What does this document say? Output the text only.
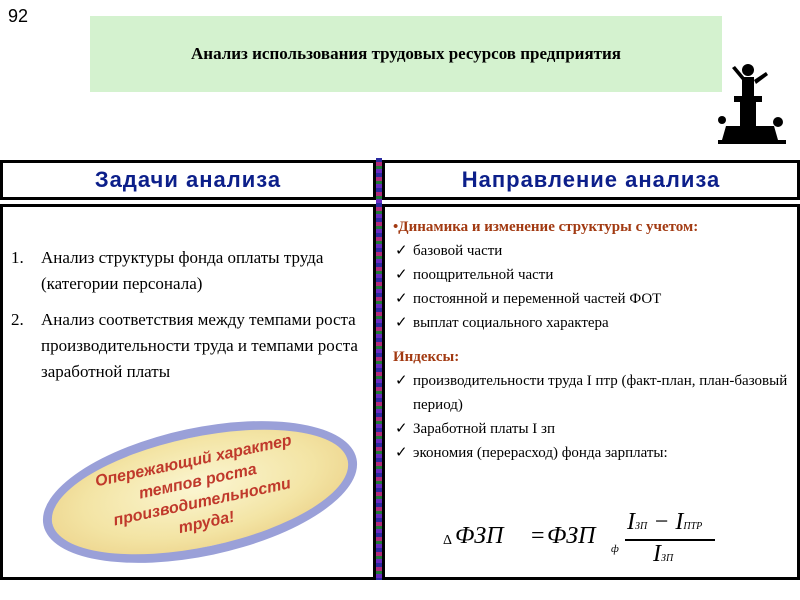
92
Анализ использования трудовых ресурсов предприятия
Задачи анализа	Направление анализа
1. Анализ структуры фонда оплаты труда (категории персонала)
2. Анализ соответствия между темпами роста производительности труда и темпами роста заработной платы
Опережающий характер темпов роста производительности труда!
•Динамика и изменение структуры с учетом:
✓ базовой части
✓ поощрительной части
✓ постоянной и переменной частей ФОТ
✓ выплат социального характера
Индексы:
✓ производительности труда I птр (факт-план, план-базовый период)
✓ Заработной платы I зп
✓ экономия (перерасход) фонда зарплаты:
Δ ФЗП = ФЗП ф
IЗП − IПТР
IЗП
